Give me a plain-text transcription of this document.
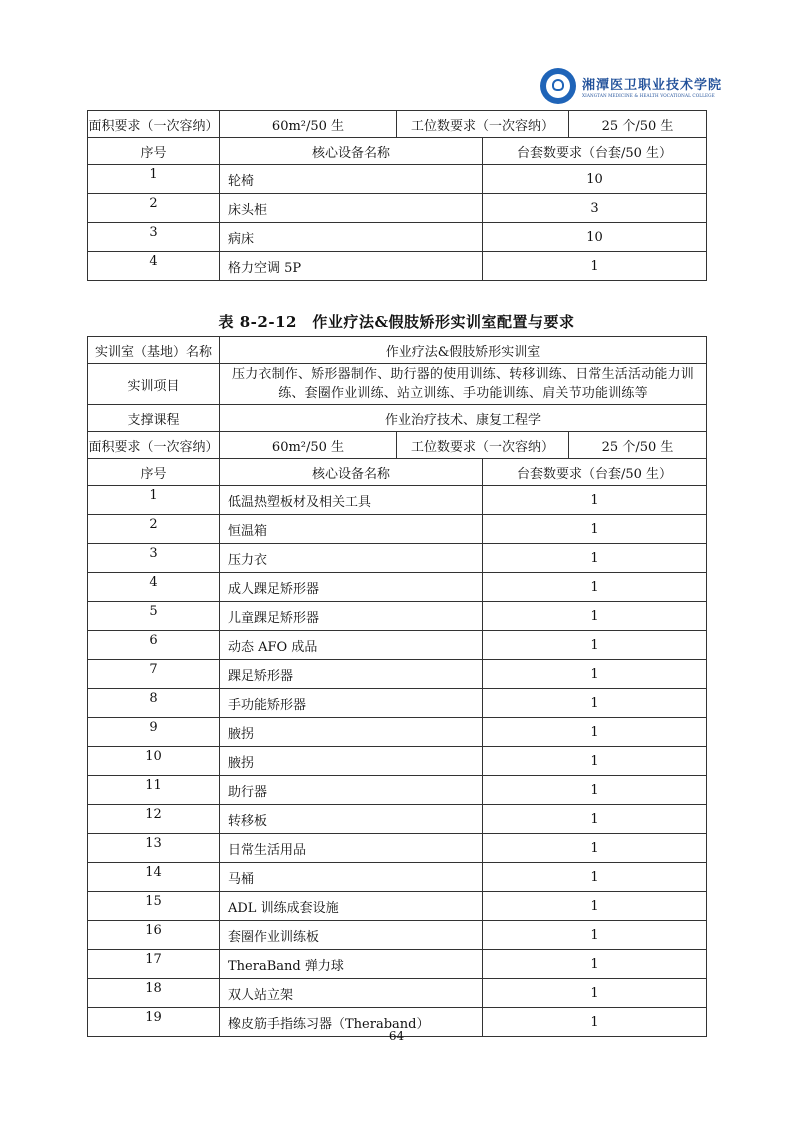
湘潭医卫职业技术学院
XIANGTAN MEDICINE & HEALTH VOCATIONAL COLLEGE
面积要求（一次容纳）	60m²/50 生	工位数要求（一次容纳）		25 个/50 生
序号	核心设备名称		台套数要求（台套/50 生）	
1	轮椅		10	
2	床头柜		3	
3	病床		10	
4	格力空调 5P		1	
表 8-2-12　作业疗法&假肢矫形实训室配置与要求
实训室（基地）名称	作业疗法&假肢矫形实训室			
实训项目	压力衣制作、矫形器制作、助行器的使用训练、转移训练、日常生活活动能力训练、套圈作业训练、站立训练、手功能训练、肩关节功能训练等			
支撑课程	作业治疗技术、康复工程学			
面积要求（一次容纳）	60m²/50 生	工位数要求（一次容纳）		25 个/50 生
序号	核心设备名称		台套数要求（台套/50 生）	
1	低温热塑板材及相关工具		1	
2	恒温箱		1	
3	压力衣		1	
4	成人踝足矫形器		1	
5	儿童踝足矫形器		1	
6	动态 AFO 成品		1	
7	踝足矫形器		1	
8	手功能矫形器		1	
9	腋拐		1	
10	腋拐		1	
11	助行器		1	
12	转移板		1	
13	日常生活用品		1	
14	马桶		1	
15	ADL 训练成套设施		1	
16	套圈作业训练板		1	
17	TheraBand 弹力球		1	
18	双人站立架		1	
19	橡皮筋手指练习器（Theraband）		1	
64
